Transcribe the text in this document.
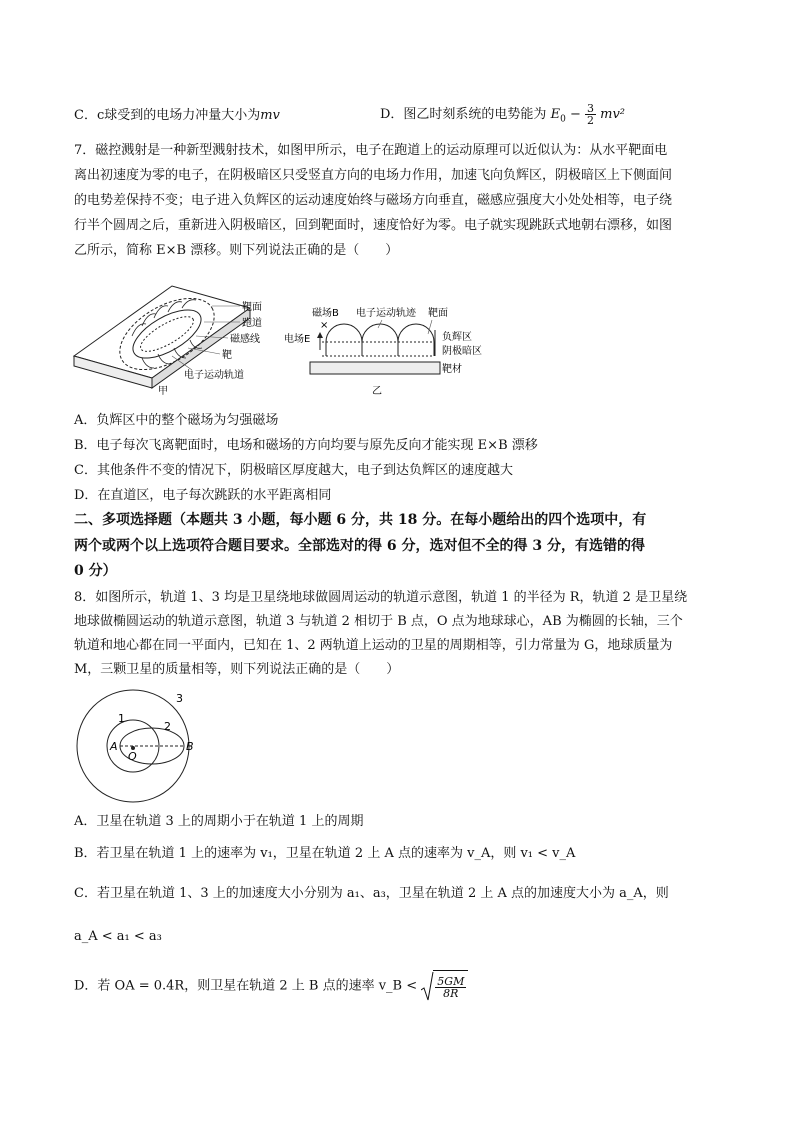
C．c球受到的电场力冲量大小为mv	D．图乙时刻系统的电势能为 $E_0 - \frac{3}{2} mv^2$
7．磁控溅射是一种新型溅射技术，如图甲所示，电子在跑道上的运动原理可以近似认为：从水平靶面电
离出初速度为零的电子，在阴极暗区只受竖直方向的电场力作用，加速飞向负辉区，阴极暗区上下侧面间
的电势差保持不变；电子进入负辉区的运动速度始终与磁场方向垂直，磁感应强度大小处处相等，电子绕
行半个圆周之后，重新进入阴极暗区，回到靶面时，速度恰好为零。电子就实现跳跃式地朝右漂移，如图
乙所示，简称 E×B 漂移。则下列说法正确的是（　　）
靶面
跑道
磁感线
靶
电子运动轨道
甲
磁场B
×
电子运动轨迹 靶面
电场E	负辉区
阴极暗区
靶材
乙
A．负辉区中的整个磁场为匀强磁场
B．电子每次飞离靶面时，电场和磁场的方向均要与原先反向才能实现 E×B 漂移
C．其他条件不变的情况下，阴极暗区厚度越大，电子到达负辉区的速度越大
D．在直道区，电子每次跳跃的水平距离相同
二、多项选择题（本题共 3 小题，每小题 6 分，共 18 分。在每小题给出的四个选项中，有
两个或两个以上选项符合题目要求。全部选对的得 6 分，选对但不全的得 3 分，有选错的得
0 分）
8．如图所示，轨道 1、3 均是卫星绕地球做圆周运动的轨道示意图，轨道 1 的半径为 R，轨道 2 是卫星绕
地球做椭圆运动的轨道示意图，轨道 3 与轨道 2 相切于 B 点，O 点为地球球心，AB 为椭圆的长轴，三个
轨道和地心都在同一平面内，已知在 1、2 两轨道上运动的卫星的周期相等，引力常量为 G，地球质量为
M，三颗卫星的质量相等，则下列说法正确的是（　　）
3
1
2
A
O
B
A．卫星在轨道 3 上的周期小于在轨道 1 上的周期
B．若卫星在轨道 1 上的速率为 v₁，卫星在轨道 2 上 A 点的速率为 v_A，则 v₁ < v_A
C．若卫星在轨道 1、3 上的加速度大小分别为 a₁、a₃，卫星在轨道 2 上 A 点的加速度大小为 a_A，则
a_A < a₁ < a₃
D．若 OA = 0.4R，则卫星在轨道 2 上 B 点的速率 v_B < $\frac{5GM}{8R}$
